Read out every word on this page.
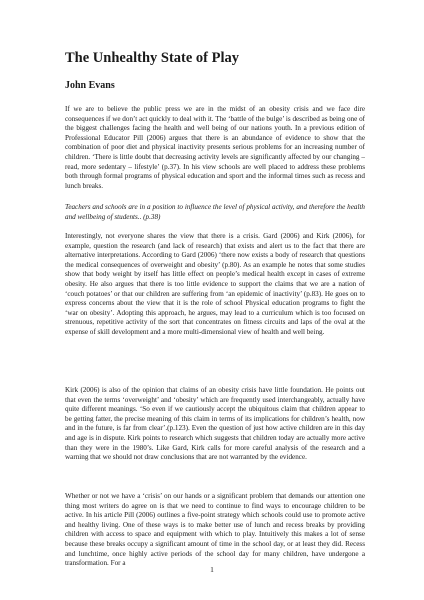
The Unhealthy State of Play
John Evans

If we are to believe the public press we are in the midst of an obesity crisis and we face dire consequences if we don’t act quickly to deal with it. The ‘battle of the bulge’ is described as being one of the biggest challenges facing the health and well being of our nations youth. In a previous edition of Professional Educator Pill (2006) argues that there is an abundance of evidence to show that the combination of poor diet and physical inactivity presents serious problems for an increasing number of children. ‘There is little doubt that decreasing activity levels are significantly affected by our changing – read, more sedentary – lifestyle’ (p.37). In his view schools are well placed to address these problems both through formal programs of physical education and sport and the informal times such as recess and lunch breaks.

Teachers and schools are in a position to influence the level of physical activity, and therefore the health and wellbeing of students.. (p.38)

Interestingly, not everyone shares the view that there is a crisis. Gard (2006) and Kirk (2006), for example, question the research (and lack of research) that exists and alert us to the fact that there are alternative interpretations. According to Gard (2006) ‘there now exists a body of research that questions the medical consequences of overweight and obesity’ (p.80). As an example he notes that some studies show that body weight by itself has little effect on people’s medical health except in cases of extreme obesity. He also argues that there is too little evidence to support the claims that we are a nation of ‘couch potatoes’ or that our children are suffering from ‘an epidemic of inactivity’ (p.83). He goes on to express concerns about the view that it is the role of school Physical education programs to fight the ‘war on obesity’. Adopting this approach, he argues, may lead to a curriculum which is too focused on strenuous, repetitive activity of the sort that concentrates on fitness circuits and laps of the oval at the expense of skill development and a more multi-dimensional view of health and well being.

Kirk (2006) is also of the opinion that claims of an obesity crisis have little foundation. He points out that even the terms ‘overweight’ and ‘obesity’ which are frequently used interchangeably, actually have quite different meanings. ‘So even if we cautiously accept the ubiquitous claim that children appear to be getting fatter, the precise meaning of this claim in terms of its implications for children’s health, now and in the future, is far from clear’.(p.123). Even the question of just how active children are in this day and age is in dispute. Kirk points to research which suggests that children today are actually more active than they were in the 1980’s. Like Gard, Kirk calls for more careful analysis of the research and a warning that we should not draw conclusions that are not warranted by the evidence.

Whether or not we have a ‘crisis’ on our hands or a significant problem that demands our attention one thing most writers do agree on is that we need to continue to find ways to encourage children to be active. In his article Pill (2006) outlines a five-point strategy which schools could use to promote active and healthy living. One of these ways is to make better use of lunch and recess breaks by providing children with access to space and equipment with which to play. Intuitively this makes a lot of sense because these breaks occupy a significant amount of time in the school day, or at least they did. Recess and lunchtime, once highly active periods of the school day for many children, have undergone a transformation. For a

1
